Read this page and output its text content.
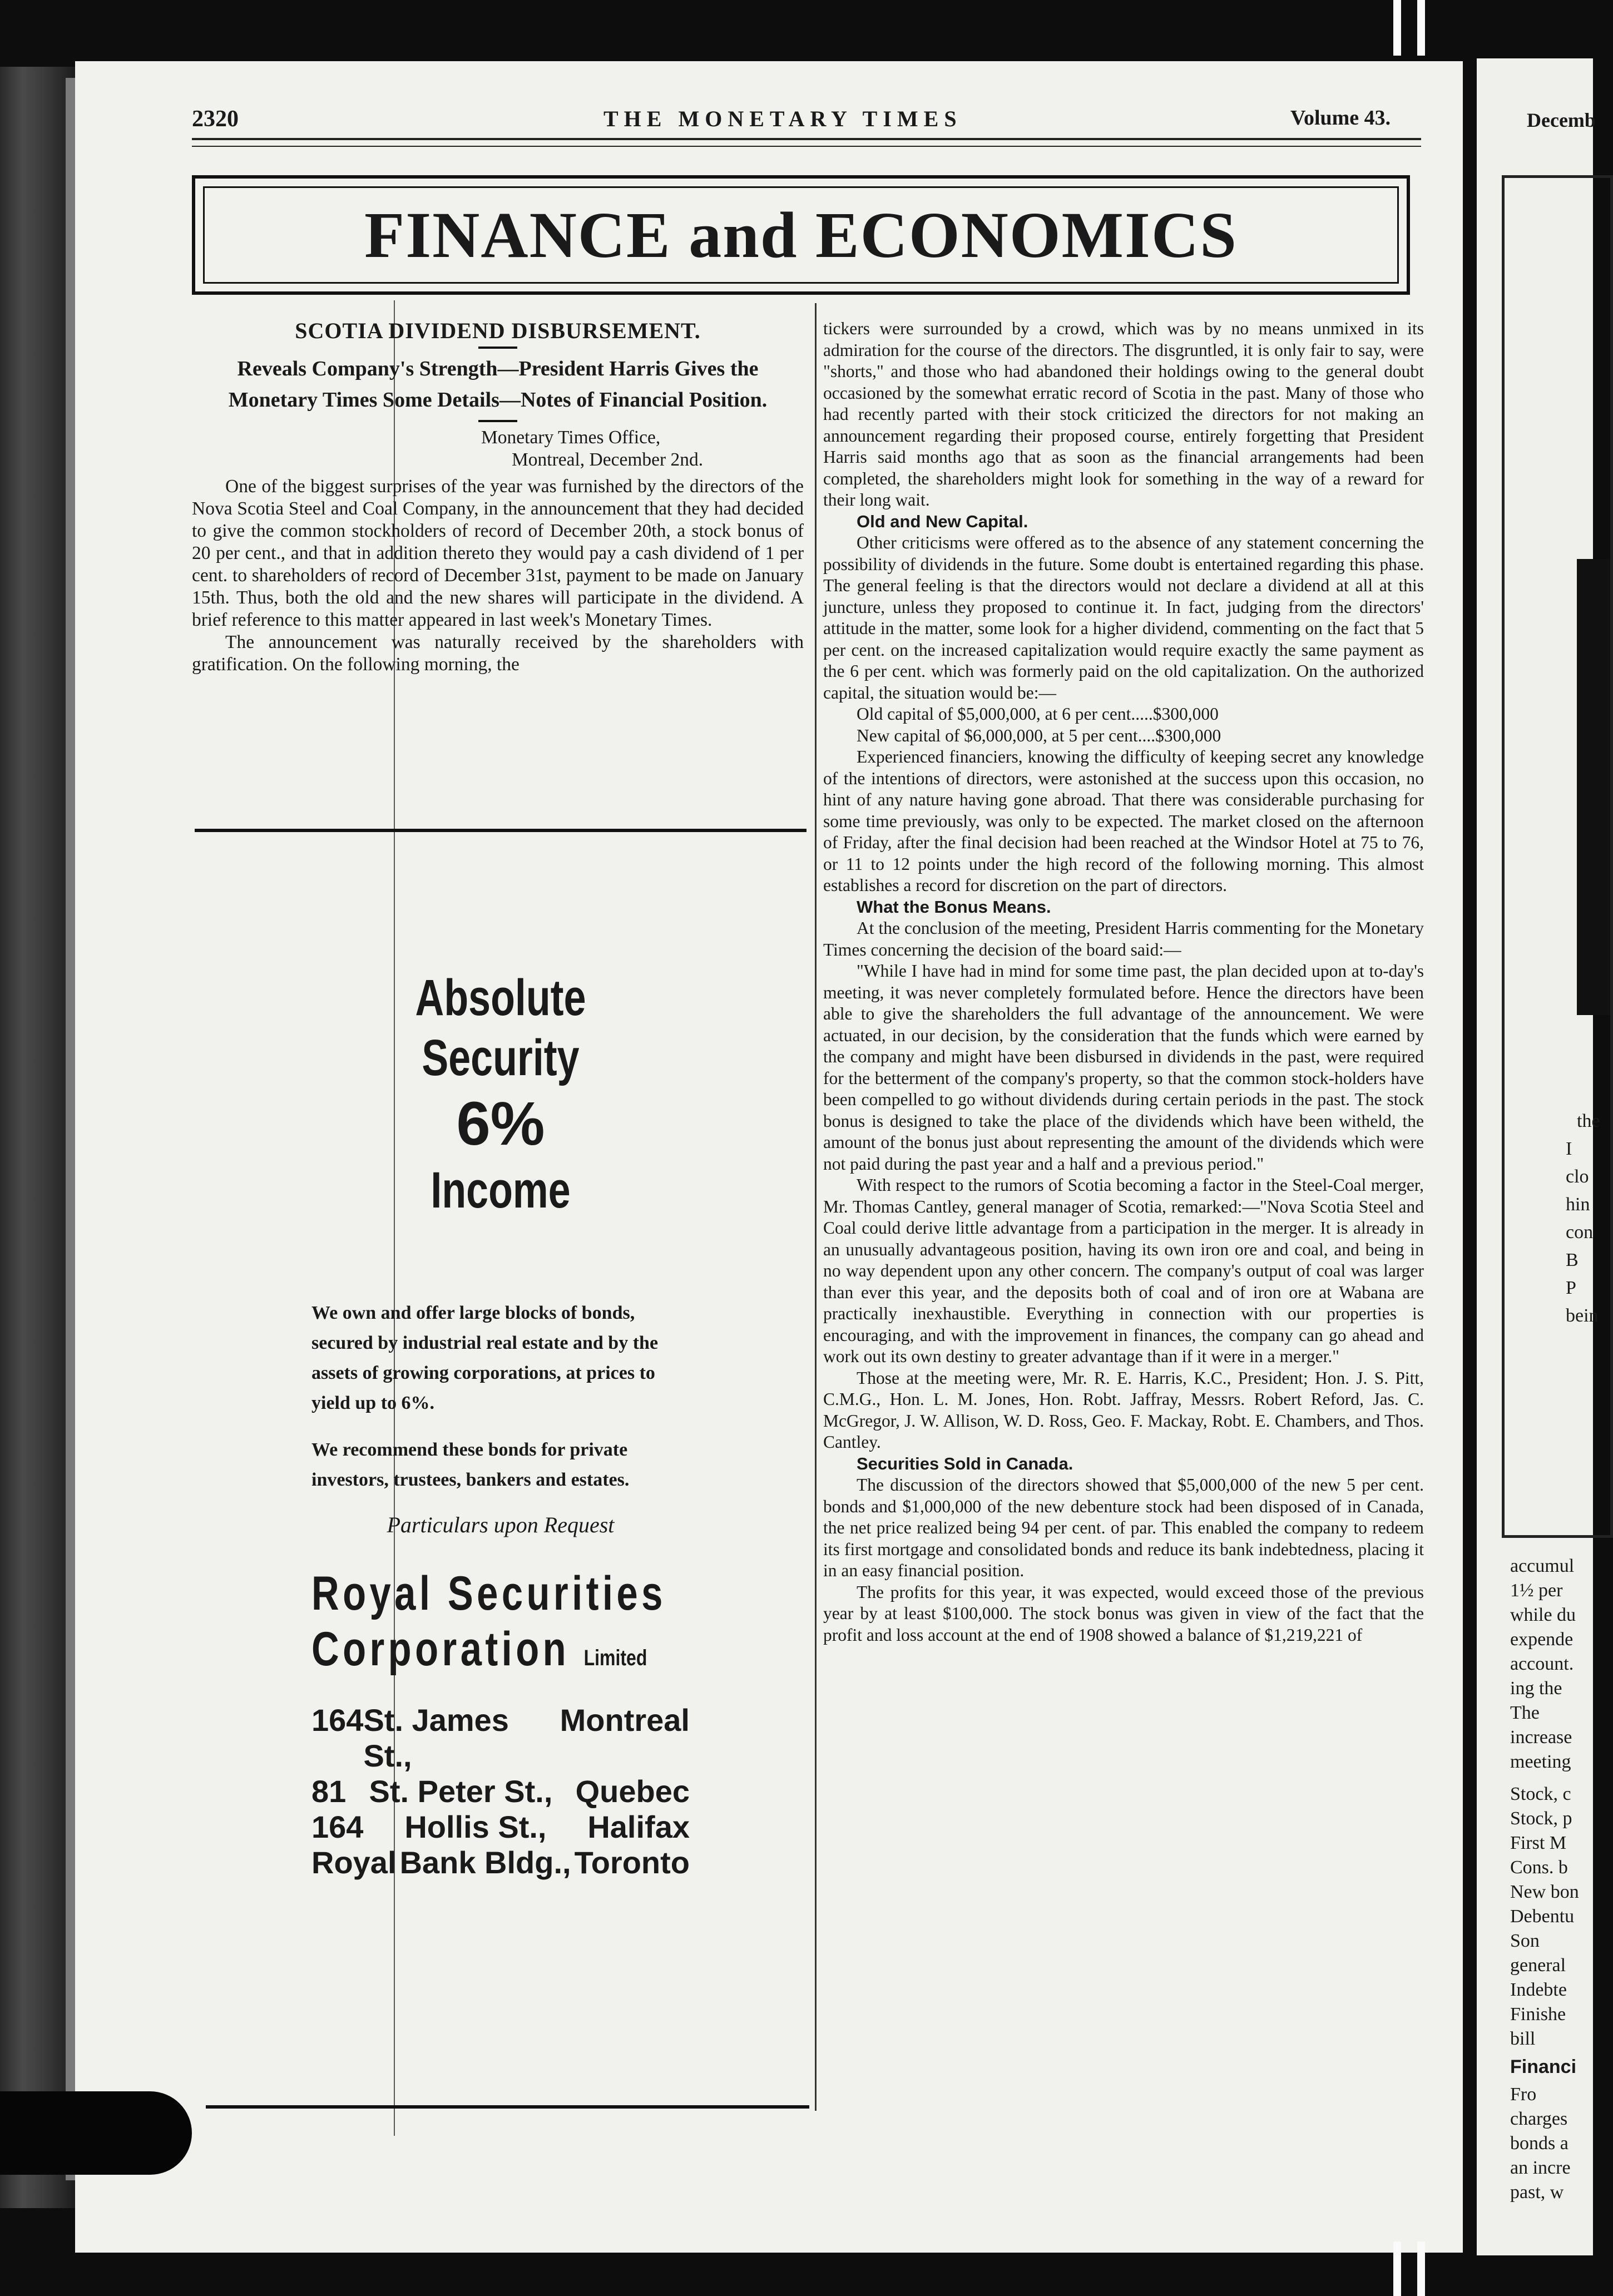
2320	THE MONETARY TIMES	Volume 43.
FINANCE and ECONOMICS
SCOTIA DIVIDEND DISBURSEMENT.
Reveals Company's Strength—President Harris Gives the Monetary Times Some Details—Notes of Financial Position.
Monetary Times Office,
Montreal, December 2nd.

One of the biggest surprises of the year was furnished by the directors of the Nova Scotia Steel and Coal Company, in the announcement that they had decided to give the common stockholders of record of December 20th, a stock bonus of 20 per cent., and that in addition thereto they would pay a cash dividend of 1 per cent. to shareholders of record of December 31st, payment to be made on January 15th. Thus, both the old and the new shares will participate in the dividend. A brief reference to this matter appeared in last week's Monetary Times.

The announcement was naturally received by the shareholders with gratification. On the following morning, the

Absolute Security
6%
Income
We own and offer large blocks of bonds, secured by industrial real estate and by the assets of growing corporations, at prices to yield up to 6%.
We recommend these bonds for private investors, trustees, bankers and estates.
Particulars upon Request
Royal Securities
Corporation Limited
164 St. James St.,
Montreal
81 St. Peter St., Quebec
164 Hollis St., Halifax
Royal Bank Bldg., Toronto

tickers were surrounded by a crowd, which was by no means unmixed in its admiration for the course of the directors. The disgruntled, it is only fair to say, were "shorts," and those who had abandoned their holdings owing to the general doubt occasioned by the somewhat erratic record of Scotia in the past. Many of those who had recently parted with their stock criticized the directors for not making an announcement regarding their proposed course, entirely forgetting that President Harris said months ago that as soon as the financial arrangements had been completed, the shareholders might look for something in the way of a reward for their long wait.

Old and New Capital.

Other criticisms were offered as to the absence of any statement concerning the possibility of dividends in the future. Some doubt is entertained regarding this phase. The general feeling is that the directors would not declare a dividend at all at this juncture, unless they proposed to continue it. In fact, judging from the directors' attitude in the matter, some look for a higher dividend, commenting on the fact that 5 per cent. on the increased capitalization would require exactly the same payment as the 6 per cent. which was formerly paid on the old capitalization. On the authorized capital, the situation would be:—

Old capital of $5,000,000, at 6 per cent.....$300,000

New capital of $6,000,000, at 5 per cent....$300,000

Experienced financiers, knowing the difficulty of keeping secret any knowledge of the intentions of directors, were astonished at the success upon this occasion, no hint of any nature having gone abroad. That there was considerable purchasing for some time previously, was only to be expected. The market closed on the afternoon of Friday, after the final decision had been reached at the Windsor Hotel at 75 to 76, or 11 to 12 points under the high record of the following morning. This almost establishes a record for discretion on the part of directors.

What the Bonus Means.

At the conclusion of the meeting, President Harris commenting for the Monetary Times concerning the decision of the board said:—

"While I have had in mind for some time past, the plan decided upon at to-day's meeting, it was never completely formulated before. Hence the directors have been able to give the shareholders the full advantage of the announcement. We were actuated, in our decision, by the consideration that the funds which were earned by the company and might have been disbursed in dividends in the past, were required for the betterment of the company's property, so that the common stock-holders have been compelled to go without dividends during certain periods in the past. The stock bonus is designed to take the place of the dividends which have been witheld, the amount of the bonus just about representing the amount of the dividends which were not paid during the past year and a half and a previous period."

With respect to the rumors of Scotia becoming a factor in the Steel-Coal merger, Mr. Thomas Cantley, general manager of Scotia, remarked:—"Nova Scotia Steel and Coal could derive little advantage from a participation in the merger. It is already in an unusually advantageous position, having its own iron ore and coal, and being in no way dependent upon any other concern. The company's output of coal was larger than ever this year, and the deposits both of coal and of iron ore at Wabana are practically inexhaustible. Everything in connection with our properties is encouraging, and with the improvement in finances, the company can go ahead and work out its own destiny to greater advantage than if it were in a merger."

Those at the meeting were, Mr. R. E. Harris, K.C., President; Hon. J. S. Pitt, C.M.G., Hon. L. M. Jones, Hon. Robt. Jaffray, Messrs. Robert Reford, Jas. C. McGregor, J. W. Allison, W. D. Ross, Geo. F. Mackay, Robt. E. Chambers, and Thos. Cantley.

Securities Sold in Canada.

The discussion of the directors showed that $5,000,000 of the new 5 per cent. bonds and $1,000,000 of the new debenture stock had been disposed of in Canada, the net price realized being 94 per cent. of par. This enabled the company to redeem its first mortgage and consolidated bonds and reduce its bank indebtedness, placing it in an easy financial position.

The profits for this year, it was expected, would exceed those of the previous year by at least $100,000. The stock bonus was given in view of the fact that the profit and loss account at the end of 1908 showed a balance of $1,219,221 of

Decemb
the
I
clo
hin
con
B
P
bein
accumul
1½ per
while du
expende
account.
ing the
The
increase
meeting
Stock, c
Stock, p
First M
Cons. b
New bon
Debentu
Son
general
Indebte
Finishe
bill
Financi
Fro
charges
bonds a
an incre
past, w
